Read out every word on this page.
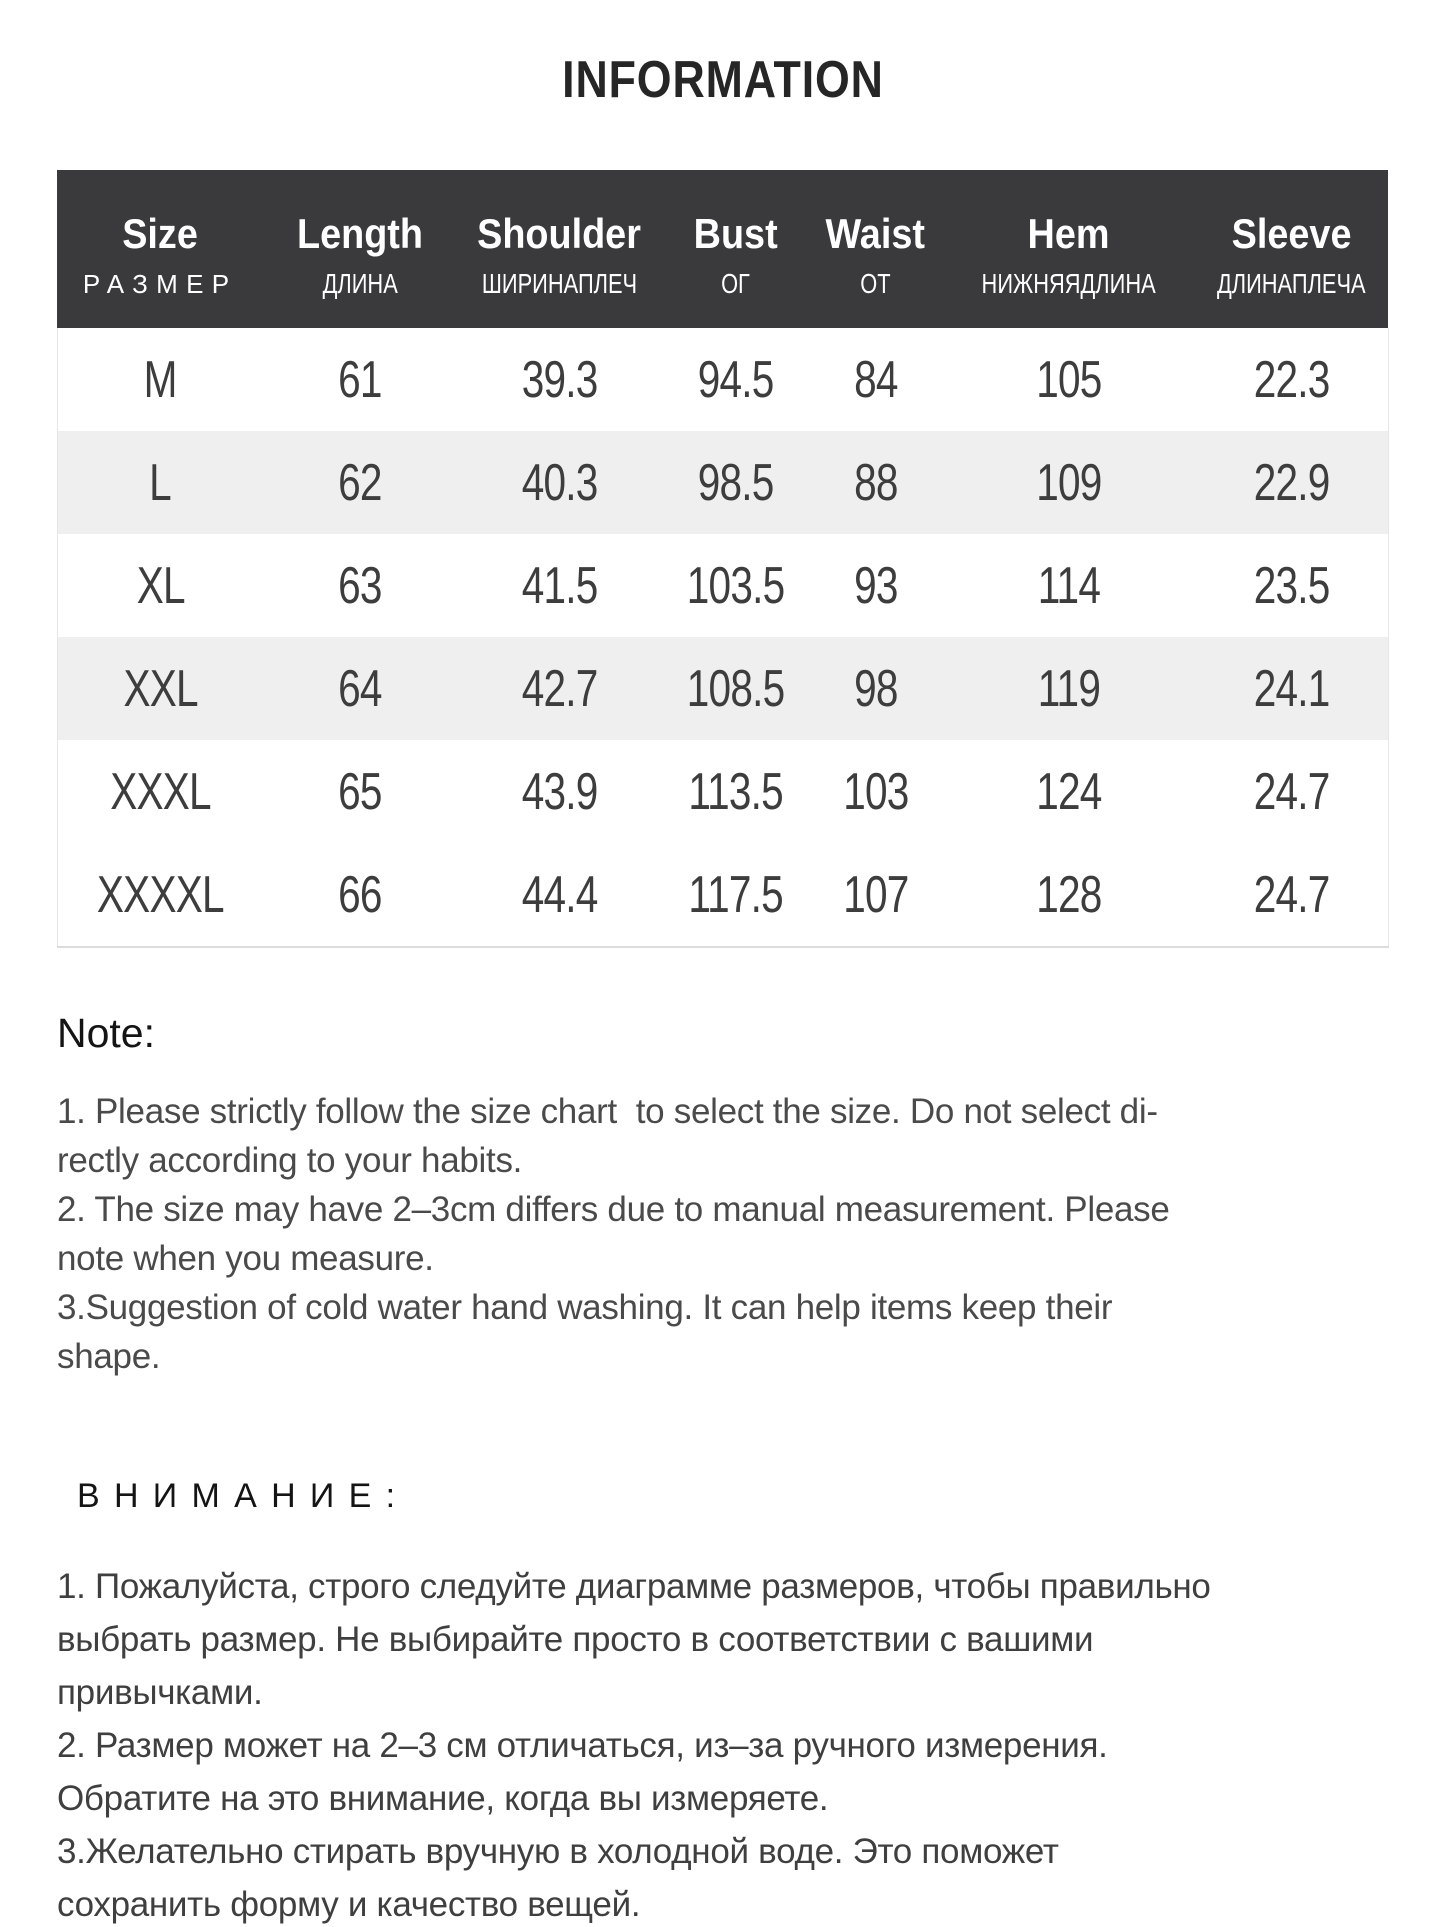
INFORMATION
Size	Length	Shoulder	Bust	Waist	Hem	Sleeve
РАЗМЕР	ДЛИНА	ШИРИНАПЛЕЧ	ОГ	ОТ	НИЖНЯЯДЛИНА	ДЛИНАПЛЕЧА
M	61	39.3	94.5	84	105	22.3
L	62	40.3	98.5	88	109	22.9
XL	63	41.5	103.5	93	114	23.5
XXL	64	42.7	108.5	98	119	24.1
XXXL	65	43.9	113.5	103	124	24.7
XXXXL	66	44.4	117.5	107	128	24.7
Note:
1. Please strictly follow the size chart  to select the size. Do not select di-
rectly according to your habits.
2. The size may have 2–3cm differs due to manual measurement. Please
note when you measure.
3.Suggestion of cold water hand washing. It can help items keep their
shape.
ВНИМАНИЕ:
1. Пожалуйста, строго следуйте диаграмме размеров, чтобы правильно
выбрать размер. Не выбирайте просто в соответствии с вашими
привычками.
2. Размер может на 2–3 см отличаться, из–за ручного измерения.
Обратите на это внимание, когда вы измеряете.
3.Желательно стирать вручную в холодной воде. Это поможет
сохранить форму и качество вещей.
